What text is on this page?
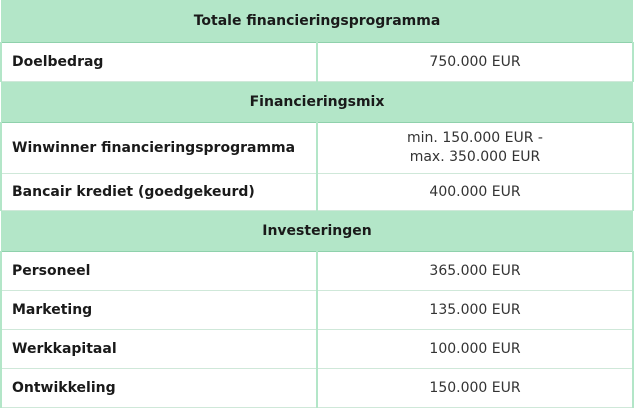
Totale financieringsprogramma	
Doelbedrag	750.000 EUR

Financieringsmix	
Winwinner financieringsprogramma	min. 150.000 EUR -
max. 350.000 EUR

Bancair krediet (goedgekeurd)	400.000 EUR

Investeringen	
Personeel	365.000 EUR

Marketing	135.000 EUR

Werkkapitaal	100.000 EUR

Ontwikkeling	150.000 EUR
